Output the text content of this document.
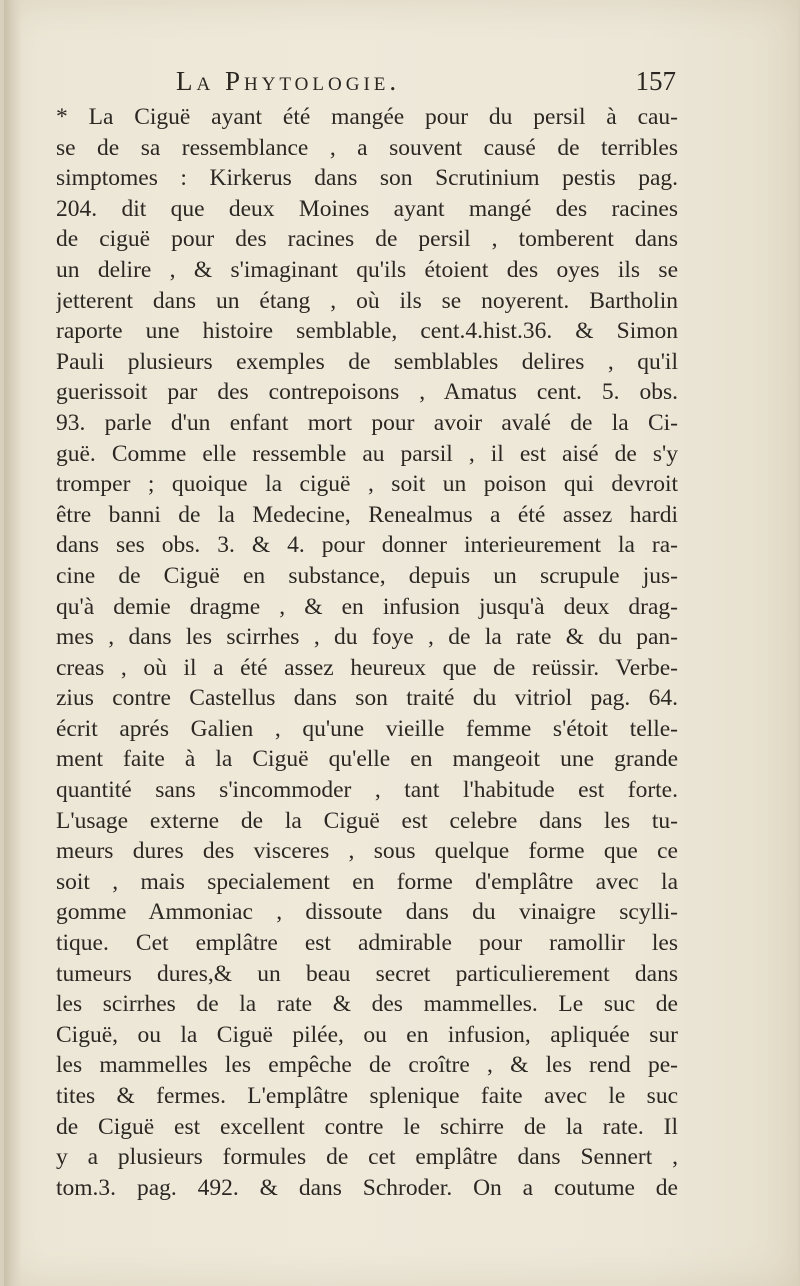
La Phytologie.	157
* La Ciguë ayant été mangée pour du persil à cau-
se de sa ressemblance , a souvent causé de terribles
simptomes : Kirkerus dans son Scrutinium pestis pag.
204. dit que deux Moines ayant mangé des racines
de ciguë pour des racines de persil , tomberent dans
un delire , & s'imaginant qu'ils étoient des oyes ils se
jetterent dans un étang , où ils se noyerent. Bartholin
raporte une histoire semblable, cent.4.hist.36. & Simon
Pauli plusieurs exemples de semblables delires , qu'il
guerissoit par des contrepoisons , Amatus cent. 5. obs.
93. parle d'un enfant mort pour avoir avalé de la Ci-
guë. Comme elle ressemble au parsil , il est aisé de s'y
tromper ; quoique la ciguë , soit un poison qui devroit
être banni de la Medecine, Renealmus a été assez hardi
dans ses obs. 3. & 4. pour donner interieurement la ra-
cine de Ciguë en substance, depuis un scrupule jus-
qu'à demie dragme , & en infusion jusqu'à deux drag-
mes , dans les scirrhes , du foye , de la rate & du pan-
creas , où il a été assez heureux que de reüssir. Verbe-
zius contre Castellus dans son traité du vitriol pag. 64.
écrit aprés Galien , qu'une vieille femme s'étoit telle-
ment faite à la Ciguë qu'elle en mangeoit une grande
quantité sans s'incommoder , tant l'habitude est forte.
L'usage externe de la Ciguë est celebre dans les tu-
meurs dures des visceres , sous quelque forme que ce
soit , mais specialement en forme d'emplâtre avec la
gomme Ammoniac , dissoute dans du vinaigre scylli-
tique. Cet emplâtre est admirable pour ramollir les
tumeurs dures,& un beau secret particulierement dans
les scirrhes de la rate & des mammelles. Le suc de
Ciguë, ou la Ciguë pilée, ou en infusion, apliquée sur
les mammelles les empêche de croître , & les rend pe-
tites & fermes. L'emplâtre splenique faite avec le suc
de Ciguë est excellent contre le schirre de la rate. Il
y a plusieurs formules de cet emplâtre dans Sennert ,
tom.3. pag. 492. & dans Schroder. On a coutume de
